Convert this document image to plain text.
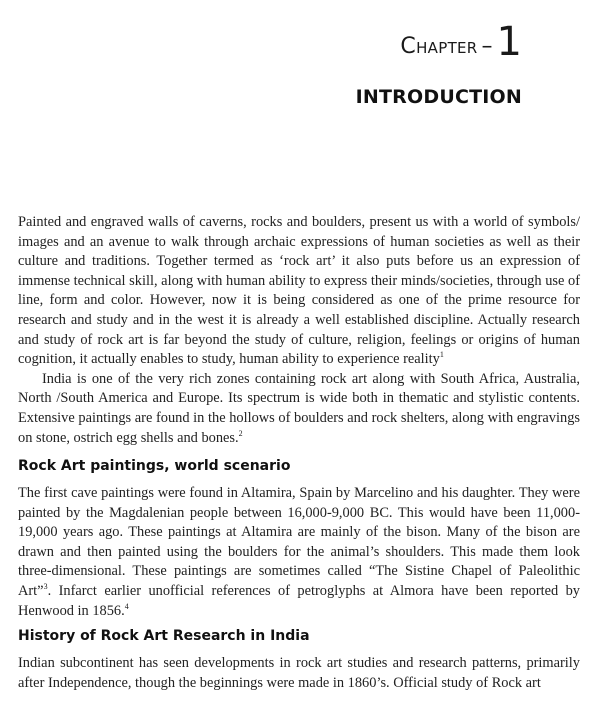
Chapter – 1
INTRODUCTION

Painted and engraved walls of caverns, rocks and boulders, present us with a world of symbols/ images and an avenue to walk through archaic expressions of human societies as well as their culture and traditions. Together termed as ‘rock art’ it also puts before us an expression of immense technical skill, along with human ability to express their minds/societies, through use of line, form and color. However, now it is being considered as one of the prime resource for research and study and in the west it is already a well established discipline. Actually research and study of rock art is far beyond the study of culture, religion, feelings or origins of human cognition, it actually enables to study, human ability to experience reality$^1$

India is one of the very rich zones containing rock art along with South Africa, Australia, North /South America and Europe. Its spectrum is wide both in thematic and stylistic contents. Extensive paintings are found in the hollows of boulders and rock shelters, along with engravings on stone, ostrich egg shells and bones.$^2$

Rock Art paintings, world scenario

The first cave paintings were found in Altamira, Spain by Marcelino and his daughter. They were painted by the Magdalenian people between 16,000-9,000 BC. This would have been 11,000-19,000 years ago. These paintings at Altamira are mainly of the bison. Many of the bison are drawn and then painted using the boulders for the animal’s shoulders. This made them look three-dimensional. These paintings are sometimes called “The Sistine Chapel of Paleolithic Art”$^3$. Infarct earlier unofficial references of petroglyphs at Almora have been reported by Henwood in 1856.$^4$

History of Rock Art Research in India

Indian subcontinent has seen developments in rock art studies and research patterns, primarily after Independence, though the beginnings were made in 1860’s. Official study of Rock art
